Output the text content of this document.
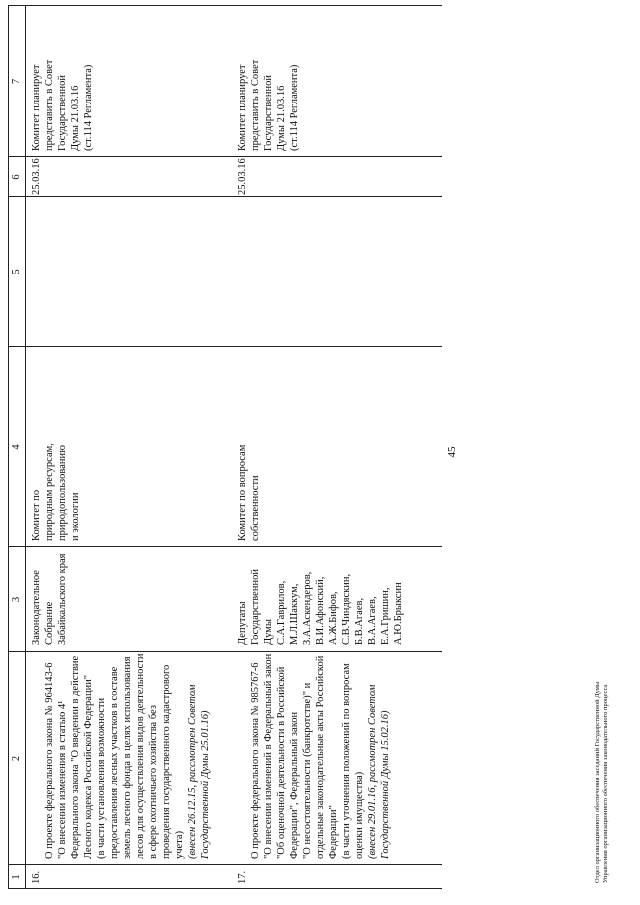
45
1
2
3
4
5
6
7
16.

О проекте федерального закона № 964143-6
"О внесении изменения в статью 4¹
Федерального закона "О введении в действие
Лесного кодекса Российской Федерации"
(в части установления возможности
предоставления лесных участков в составе
земель лесного фонда в целях использования
лесов для осуществления видов деятельности
в сфере охотничьего хозяйства без
проведения государственного кадастрового
учета) (внесен 26.12.15, рассмотрен Советом
Государственной Думы 25.01.16)

Законодательное
Собрание
Забайкальского края
Комитет по
природным ресурсам,
природопользованию
и экологии
25.03.16
Комитет планирует
представить в Совет
Государственной
Думы 21.03.16
(ст.114 Регламента)
17.

О проекте федерального закона № 985767-6
"О внесении изменений в Федеральный закон
"Об оценочной деятельности в Российской
Федерации", Федеральный закон
"О несостоятельности (банкротстве)" и
отдельные законодательные акты Российской
Федерации"
(в части уточнения положений по вопросам
оценки имущества)
(внесен 29.01.16, рассмотрен Советом
Государственной Думы 15.02.16)

Депутаты
Государственной
Думы
С.А.Гаврилов,
М.Л.Шаккум,
З.А.Аскендеров,
В.И.Афонский,
А.Ж.Бифов,
С.В.Чиндяскин,
Б.В.Агаев,
В.А.Агаев,
Е.А.Гришин,
А.Ю.Брыксин
Комитет по вопросам
собственности
25.03.16
Комитет планирует
представить в Совет
Государственной
Думы 21.03.16
(ст.114 Регламента)
Отдел организационного обеспечения заседаний Государственной Думы Управления организационного обеспечения законодательного процесса
